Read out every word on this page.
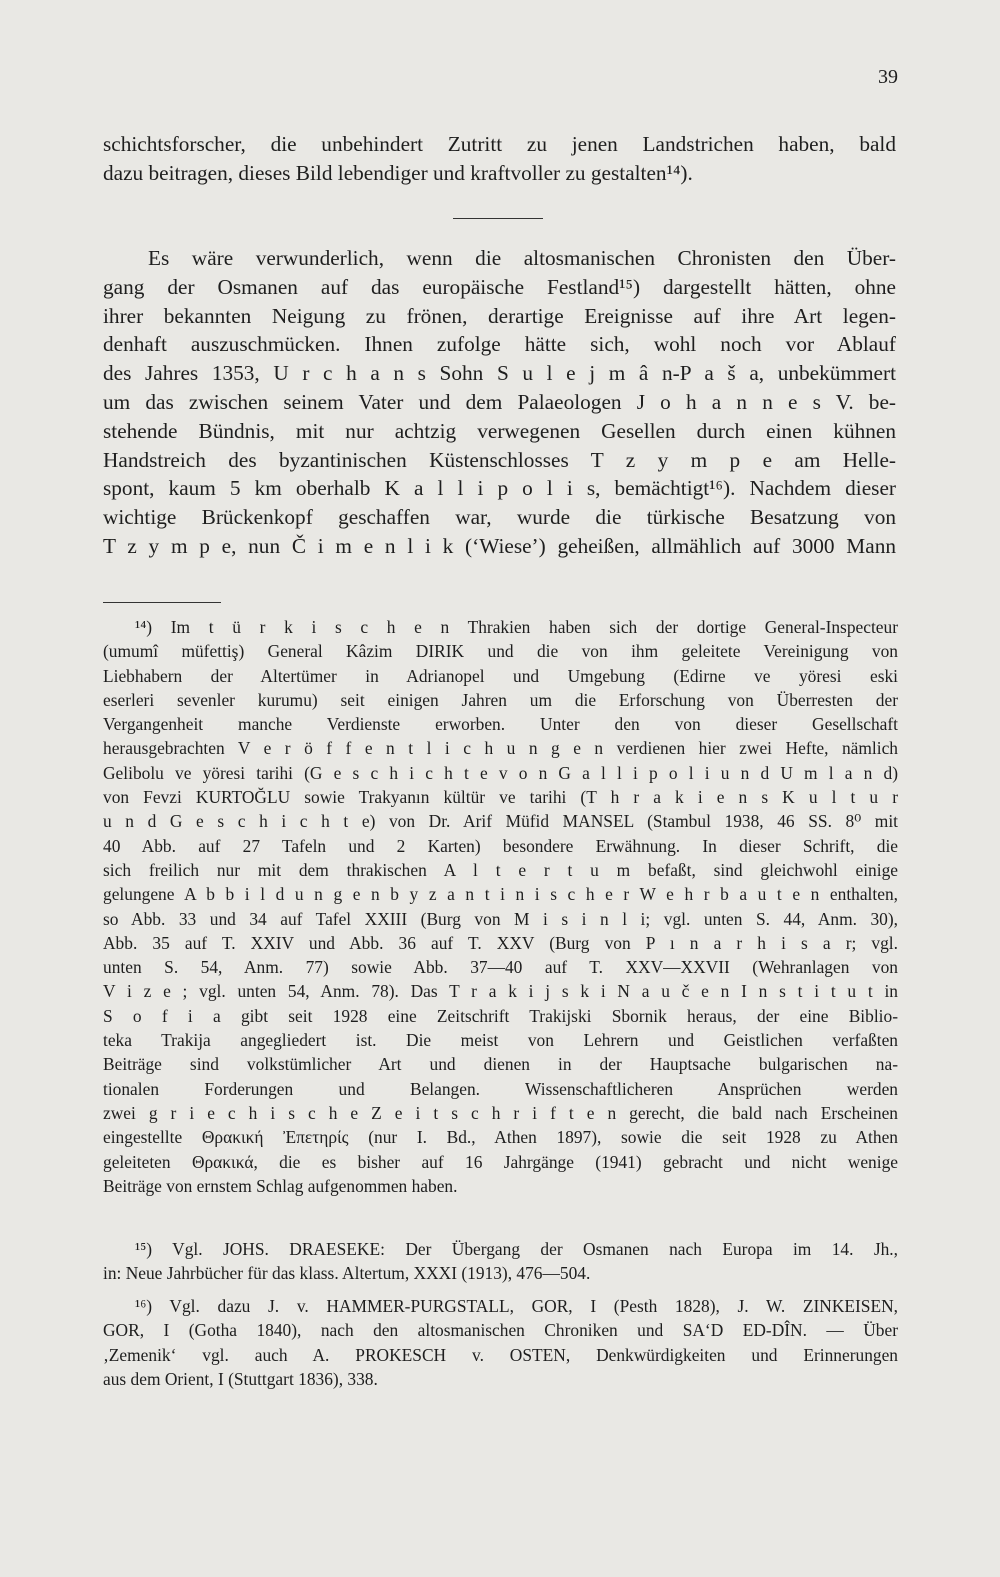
39
schichtsforscher, die unbehindert Zutritt zu jenen Landstrichen haben, bald
dazu beitragen, dieses Bild lebendiger und kraftvoller zu gestalten¹⁴).
Es wäre verwunderlich, wenn die altosmanischen Chronisten den Über-
gang der Osmanen auf das europäische Festland¹⁵) dargestellt hätten, ohne
ihrer bekannten Neigung zu frönen, derartige Ereignisse auf ihre Art legen-
denhaft auszuschmücken. Ihnen zufolge hätte sich, wohl noch vor Ablauf
des Jahres 1353, U r c h a n s Sohn S u l e j m â n-P a š a, unbekümmert
um das zwischen seinem Vater und dem Palaeologen J o h a n n e s V. be-
stehende Bündnis, mit nur achtzig verwegenen Gesellen durch einen kühnen
Handstreich des byzantinischen Küstenschlosses T z y m p e am Helle-
spont, kaum 5 km oberhalb K a l l i p o l i s, bemächtigt¹⁶). Nachdem dieser
wichtige Brückenkopf geschaffen war, wurde die türkische Besatzung von
T z y m p e, nun Č i m e n l i k (‘Wiese’) geheißen, allmählich auf 3000 Mann
¹⁴) Im t ü r k i s c h e n Thrakien haben sich der dortige General-Inspecteur
(umumî müfettiş) General Kâzim DIRIK und die von ihm geleitete Vereinigung von
Liebhabern der Altertümer in Adrianopel und Umgebung (Edirne ve yöresi eski
eserleri sevenler kurumu) seit einigen Jahren um die Erforschung von Überresten der
Vergangenheit manche Verdienste erworben. Unter den von dieser Gesellschaft
herausgebrachten V e r ö f f e n t l i c h u n g e n verdienen hier zwei Hefte, nämlich
Gelibolu ve yöresi tarihi (G e s c h i c h t e v o n G a l l i p o l i u n d U m l a n d)
von Fevzi KURTOĞLU sowie Trakyanın kültür ve tarihi (T h r a k i e n s K u l t u r
u n d G e s c h i c h t e) von Dr. Arif Müfid MANSEL (Stambul 1938, 46 SS. 8⁰ mit
40 Abb. auf 27 Tafeln und 2 Karten) besondere Erwähnung. In dieser Schrift, die
sich freilich nur mit dem thrakischen A l t e r t u m befaßt, sind gleichwohl einige
gelungene A b b i l d u n g e n b y z a n t i n i s c h e r W e h r b a u t e n enthalten,
so Abb. 33 und 34 auf Tafel XXIII (Burg von M i s i n l i; vgl. unten S. 44, Anm. 30),
Abb. 35 auf T. XXIV und Abb. 36 auf T. XXV (Burg von P ı n a r h i s a r; vgl.
unten S. 54, Anm. 77) sowie Abb. 37—40 auf T. XXV—XXVII (Wehranlagen von
V i z e ; vgl. unten 54, Anm. 78). Das T r a k i j s k i N a u č e n I n s t i t u t in
S o f i a gibt seit 1928 eine Zeitschrift Trakijski Sbornik heraus, der eine Biblio-
teka Trakija angegliedert ist. Die meist von Lehrern und Geistlichen verfaßten
Beiträge sind volkstümlicher Art und dienen in der Hauptsache bulgarischen na-
tionalen Forderungen und Belangen. Wissenschaftlicheren Ansprüchen werden
zwei g r i e c h i s c h e Z e i t s c h r i f t e n gerecht, die bald nach Erscheinen
eingestellte Θρακική Ἐπετηρίς (nur I. Bd., Athen 1897), sowie die seit 1928 zu Athen
geleiteten Θρακικά, die es bisher auf 16 Jahrgänge (1941) gebracht und nicht wenige
Beiträge von ernstem Schlag aufgenommen haben.
¹⁵) Vgl. JOHS. DRAESEKE: Der Übergang der Osmanen nach Europa im 14. Jh.,
in: Neue Jahrbücher für das klass. Altertum, XXXI (1913), 476—504.
¹⁶) Vgl. dazu J. v. HAMMER-PURGSTALL, GOR, I (Pesth 1828), J. W. ZINKEISEN,
GOR, I (Gotha 1840), nach den altosmanischen Chroniken und SA‘D ED-DÎN. — Über
‚Zemenik‘ vgl. auch A. PROKESCH v. OSTEN, Denkwürdigkeiten und Erinnerungen
aus dem Orient, I (Stuttgart 1836), 338.
